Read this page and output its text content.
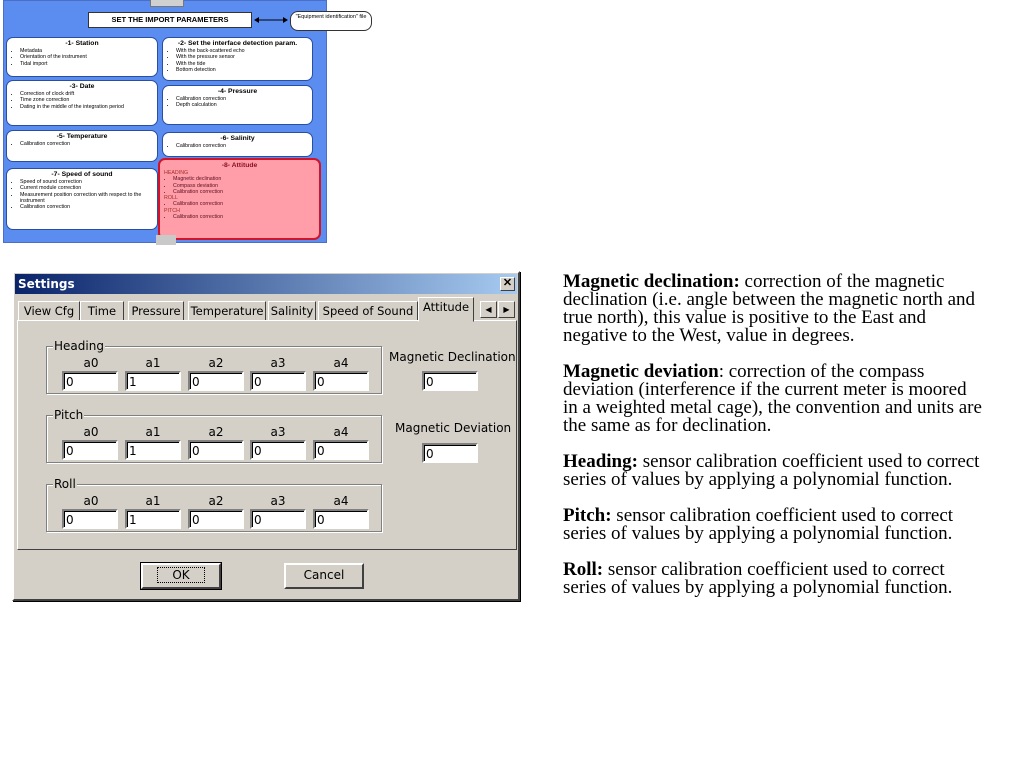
SET THE IMPORT PARAMETERS	"Equipment identification" file
-1- Station
• Metadata
• Orientation of the instrument
• Tidal import
-2- Set the interface detection param.
• With the back-scattered echo
• With the pressure sensor
• With the tide
• Bottom detection
-3- Date
• Correction of clock drift
• Time zone correction
• Dating in the middle of the integration period
-4- Pressure
• Calibration correction
• Depth calculation
-5- Temperature
• Calibration correction
-6- Salinity
• Calibration correction
-7- Speed of sound
• Speed of sound correction
• Current module correction
• Measurement position correction with respect to the instrument
• Calibration correction
-8- Attitude
HEADING
• Magnetic declination
• Compass deviation
• Calibration correction
ROLL
• Calibration correction
PITCH
• Calibration correction
Settings	✕
View Cfg	Time	Pressure Temperature Salinity Speed of Sound Attitude	◀	▶
Heading
Pitch
Roll
a0	a1	a2	a3	a4
0	1	0	0	0
a0	a1	a2	a3	a4
0	1	0	0	0
a0	a1	a2	a3	a4
0	1	0	0	0
Magnetic Declination
0
Magnetic Deviation
0
OK	Cancel

Magnetic declination: correction of the magnetic declination (i.e. angle between the magnetic north and true north), this value is positive to the East and negative to the West, value in degrees.

Magnetic deviation: correction of the compass deviation (interference if the current meter is moored in a weighted metal cage), the convention and units are the same as for declination.

Heading: sensor calibration coefficient used to correct series of values by applying a polynomial function.

Pitch: sensor calibration coefficient used to correct series of values by applying a polynomial function.

Roll: sensor calibration coefficient used to correct series of values by applying a polynomial function.
